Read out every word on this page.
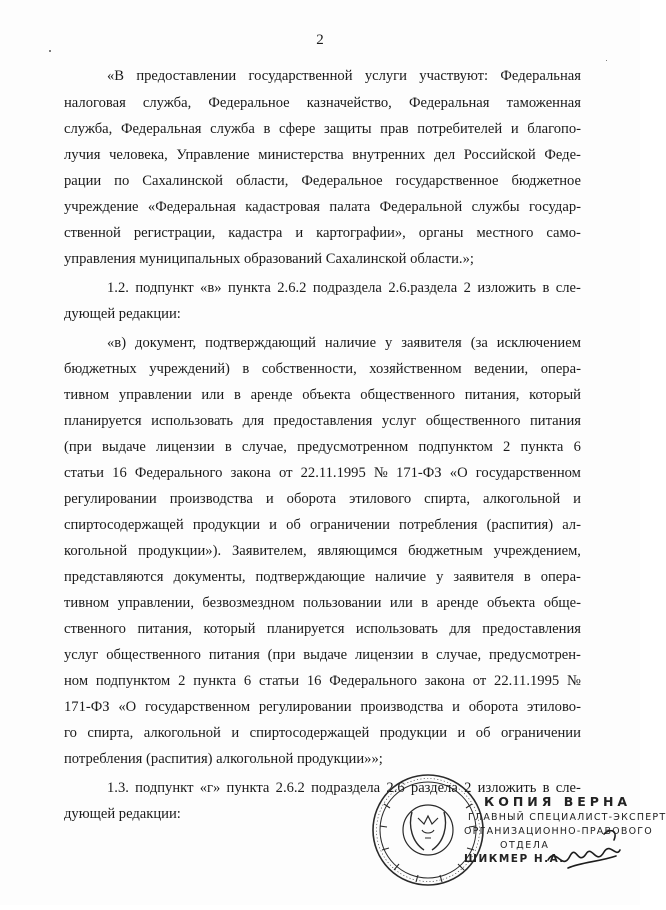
2
«В предоставлении государственной услуги участвуют: Федеральная
налоговая служба, Федеральное казначейство, Федеральная таможенная
служба, Федеральная служба в сфере защиты прав потребителей и благопо-
лучия человека, Управление министерства внутренних дел Российской Феде-
рации по Сахалинской области, Федеральное государственное бюджетное
учреждение «Федеральная кадастровая палата Федеральной службы государ-
ственной регистрации, кадастра и картографии», органы местного само-
управления муниципальных образований Сахалинской области.»;
1.2. подпункт «в» пункта 2.6.2 подраздела 2.6.раздела 2 изложить в сле-
дующей редакции:
«в) документ, подтверждающий наличие у заявителя (за исключением
бюджетных учреждений) в собственности, хозяйственном ведении, опера-
тивном управлении или в аренде объекта общественного питания, который
планируется использовать для предоставления услуг общественного питания
(при выдаче лицензии в случае, предусмотренном подпунктом 2 пункта 6
статьи 16 Федерального закона от 22.11.1995 № 171-ФЗ «О государственном
регулировании производства и оборота этилового спирта, алкогольной и
спиртосодержащей продукции и об ограничении потребления (распития) ал-
когольной продукции»). Заявителем, являющимся бюджетным учреждением,
представляются документы, подтверждающие наличие у заявителя в опера-
тивном управлении, безвозмездном пользовании или в аренде объекта обще-
ственного питания, который планируется использовать для предоставления
услуг общественного питания (при выдаче лицензии в случае, предусмотрен-
ном подпунктом 2 пункта 6 статьи 16 Федерального закона от 22.11.1995 №
171-ФЗ «О государственном регулировании производства и оборота этилово-
го спирта, алкогольной и спиртосодержащей продукции и об ограничении
потребления (распития) алкогольной продукции»»;
1.3. подпункт «г» пункта 2.6.2 подраздела 2.6 раздела 2 изложить в сле-
дующей редакции:
КОПИЯ ВЕРНА
ГЛАВНЫЙ СПЕЦИАЛИСТ-ЭКСПЕРТ
ОРГАНИЗАЦИОННО-ПРАВОВОГО
ОТДЕЛА
ШИКМЕР Н.А.
